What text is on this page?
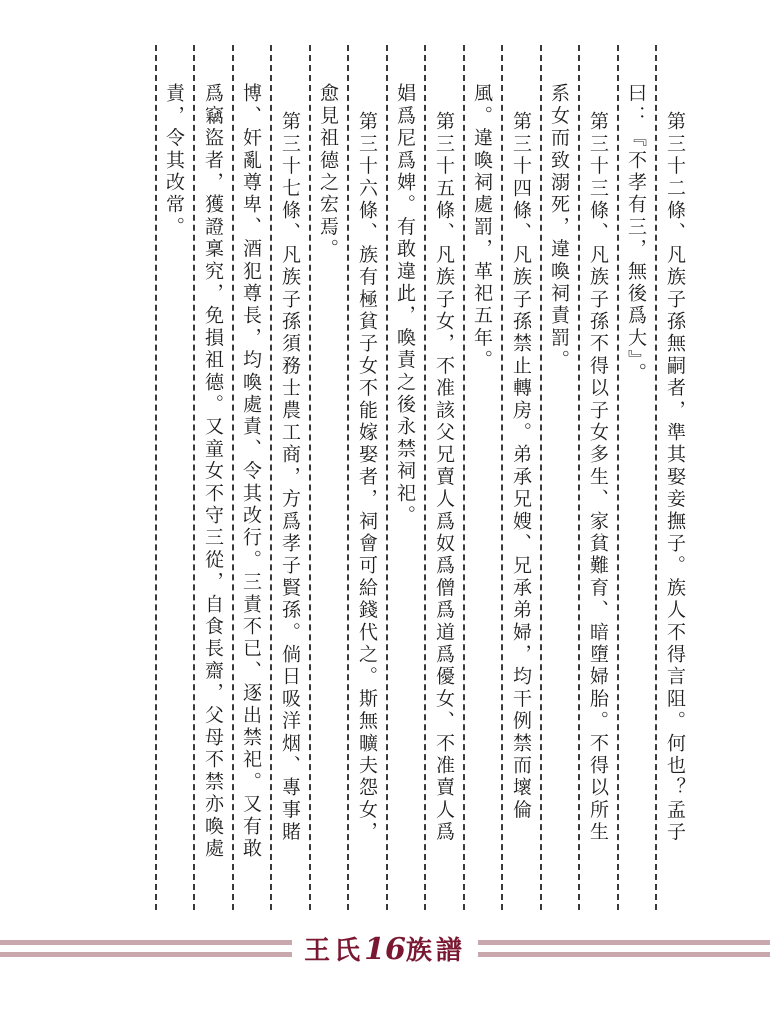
第三十二條、凡族子孫無嗣者，準其娶妾撫子。族人不得言阻。何也？孟子
曰：『不孝有三，無後爲大』。
第三十三條、凡族子孫不得以子女多生、家貧難育、暗墮婦胎。不得以所生
系女而致溺死，違喚祠責罰。
第三十四條、凡族子孫禁止轉房。弟承兄嫂、兄承弟婦，均干例禁而壞倫
風。違喚祠處罰，革祀五年。
第三十五條、凡族子女，不准該父兄賣人爲奴爲僧爲道爲優女、不准賣人爲
娼爲尼爲婢。有敢違此，喚責之後永禁祠祀。
第三十六條、族有極貧子女不能嫁娶者，祠會可給錢代之。斯無曠夫怨女，
愈見祖德之宏焉。
第三十七條、凡族子孫須務士農工商，方爲孝子賢孫。倘日吸洋烟、專事賭
博、奸亂尊卑、酒犯尊長，均喚處責、令其改行。三責不已、逐出禁祀。又有敢
爲竊盜者，獲證稟究，免損祖德。又童女不守三從，自食長齋，父母不禁亦喚處
責，令其改常。
王氏16族譜
